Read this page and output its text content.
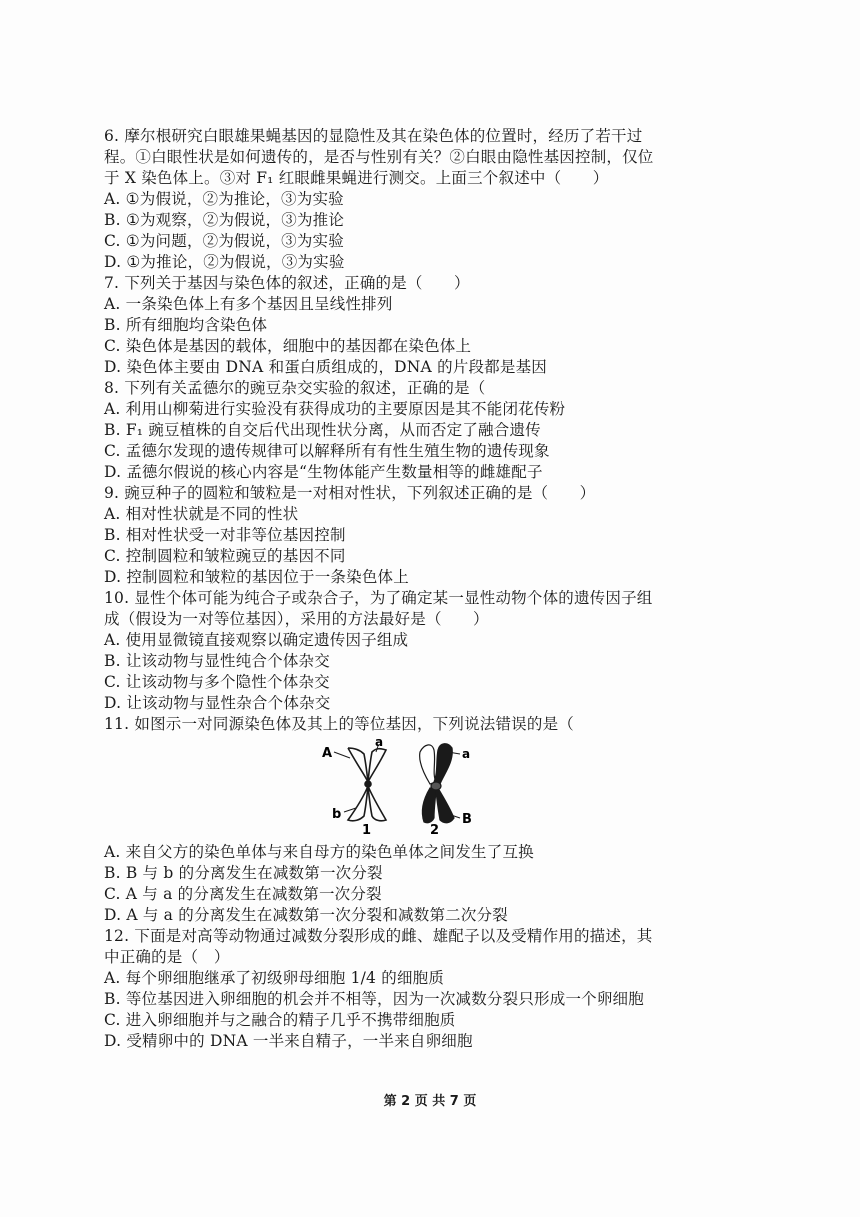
6. 摩尔根研究白眼雄果蝇基因的显隐性及其在染色体的位置时，经历了若干过
程。①白眼性状是如何遗传的，是否与性别有关？②白眼由隐性基因控制，仅位
于 X 染色体上。③对 F₁ 红眼雌果蝇进行测交。上面三个叙述中（　　）
A. ①为假说，②为推论，③为实验
B. ①为观察，②为假说，③为推论
C. ①为问题，②为假说，③为实验
D. ①为推论，②为假说，③为实验
7. 下列关于基因与染色体的叙述，正确的是（　　）
A. 一条染色体上有多个基因且呈线性排列
B. 所有细胞均含染色体
C. 染色体是基因的载体，细胞中的基因都在染色体上
D. 染色体主要由 DNA 和蛋白质组成的，DNA 的片段都是基因
8. 下列有关孟德尔的豌豆杂交实验的叙述，正确的是（
A. 利用山柳菊进行实验没有获得成功的主要原因是其不能闭花传粉
B. F₁ 豌豆植株的自交后代出现性状分离，从而否定了融合遗传
C. 孟德尔发现的遗传规律可以解释所有有性生殖生物的遗传现象
D. 孟德尔假说的核心内容是“生物体能产生数量相等的雌雄配子
9. 豌豆种子的圆粒和皱粒是一对相对性状，下列叙述正确的是（　　）
A. 相对性状就是不同的性状
B. 相对性状受一对非等位基因控制
C. 控制圆粒和皱粒豌豆的基因不同
D. 控制圆粒和皱粒的基因位于一条染色体上
10. 显性个体可能为纯合子或杂合子，为了确定某一显性动物个体的遗传因子组
成（假设为一对等位基因），采用的方法最好是（　　）
A. 使用显微镜直接观察以确定遗传因子组成
B. 让该动物与显性纯合个体杂交
C. 让该动物与多个隐性个体杂交
D. 让该动物与显性杂合个体杂交
11. 如图示一对同源染色体及其上的等位基因，下列说法错误的是（
A
a
b
1
a
B
2
A. 来自父方的染色单体与来自母方的染色单体之间发生了互换
B. B 与 b 的分离发生在减数第一次分裂
C. A 与 a 的分离发生在减数第一次分裂
D. A 与 a 的分离发生在减数第一次分裂和减数第二次分裂
12. 下面是对高等动物通过减数分裂形成的雌、雄配子以及受精作用的描述，其
中正确的是（　）
A. 每个卵细胞继承了初级卵母细胞 1/4 的细胞质
B. 等位基因进入卵细胞的机会并不相等，因为一次减数分裂只形成一个卵细胞
C. 进入卵细胞并与之融合的精子几乎不携带细胞质
D. 受精卵中的 DNA 一半来自精子，一半来自卵细胞
第 2 页 共 7 页
